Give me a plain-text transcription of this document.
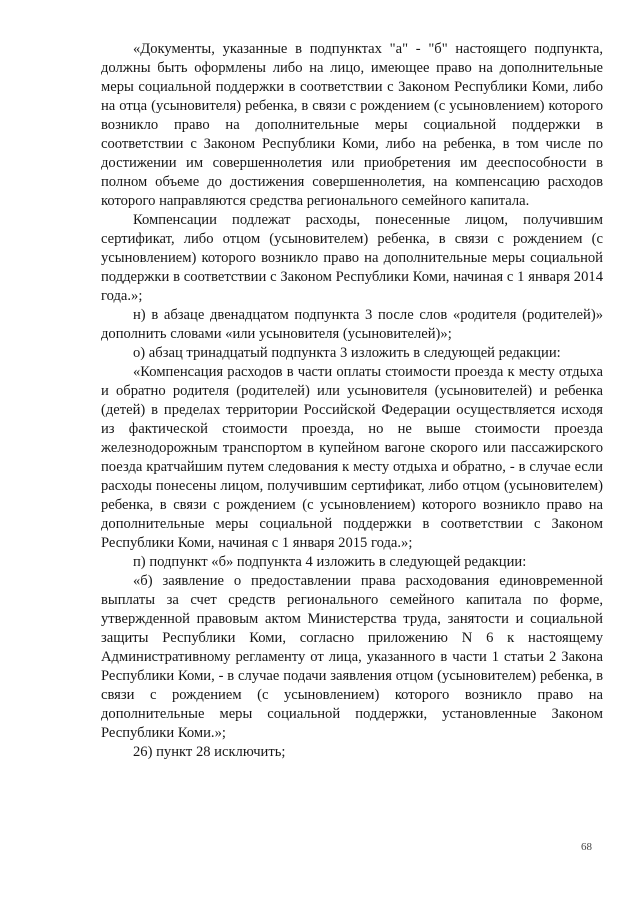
«Документы, указанные в подпунктах "а" - "б" настоящего подпункта, должны быть оформлены либо на лицо, имеющее право на дополнительные меры социальной поддержки в соответствии с Законом Республики Коми, либо на отца (усыновителя) ребенка, в связи с рождением (с усыновлением) которого возникло право на дополнительные меры социальной поддержки в соответствии с Законом Республики Коми, либо на ребенка, в том числе по достижении им совершеннолетия или приобретения им дееспособности в полном объеме до достижения совершеннолетия, на компенсацию расходов которого направляются средства регионального семейного капитала.

Компенсации подлежат расходы, понесенные лицом, получившим сертификат, либо отцом (усыновителем) ребенка, в связи с рождением (с усыновлением) которого возникло право на дополнительные меры социальной поддержки в соответствии с Законом Республики Коми, начиная с 1 января 2014 года.»;

н) в абзаце двенадцатом подпункта 3 после слов «родителя (родителей)» дополнить словами «или усыновителя (усыновителей)»;

о) абзац тринадцатый подпункта 3 изложить в следующей редакции:

«Компенсация расходов в части оплаты стоимости проезда к месту отдыха и обратно родителя (родителей) или усыновителя (усыновителей) и ребенка (детей) в пределах территории Российской Федерации осуществляется исходя из фактической стоимости проезда, но не выше стоимости проезда железнодорожным транспортом в купейном вагоне скорого или пассажирского поезда кратчайшим путем следования к месту отдыха и обратно, - в случае если расходы понесены лицом, получившим сертификат, либо отцом (усыновителем) ребенка, в связи с рождением (с усыновлением) которого возникло право на дополнительные меры социальной поддержки в соответствии с Законом Республики Коми, начиная с 1 января 2015 года.»;

п) подпункт «б» подпункта 4 изложить в следующей редакции:

«б) заявление о предоставлении права расходования единовременной выплаты за счет средств регионального семейного капитала по форме, утвержденной правовым актом Министерства труда, занятости и социальной защиты Республики Коми, согласно приложению N 6 к настоящему Административному регламенту от лица, указанного в части 1 статьи 2 Закона Республики Коми, - в случае подачи заявления отцом (усыновителем) ребенка, в связи с рождением (с усыновлением) которого возникло право на дополнительные меры социальной поддержки, установленные Законом Республики Коми.»;

26) пункт 28 исключить;

68
